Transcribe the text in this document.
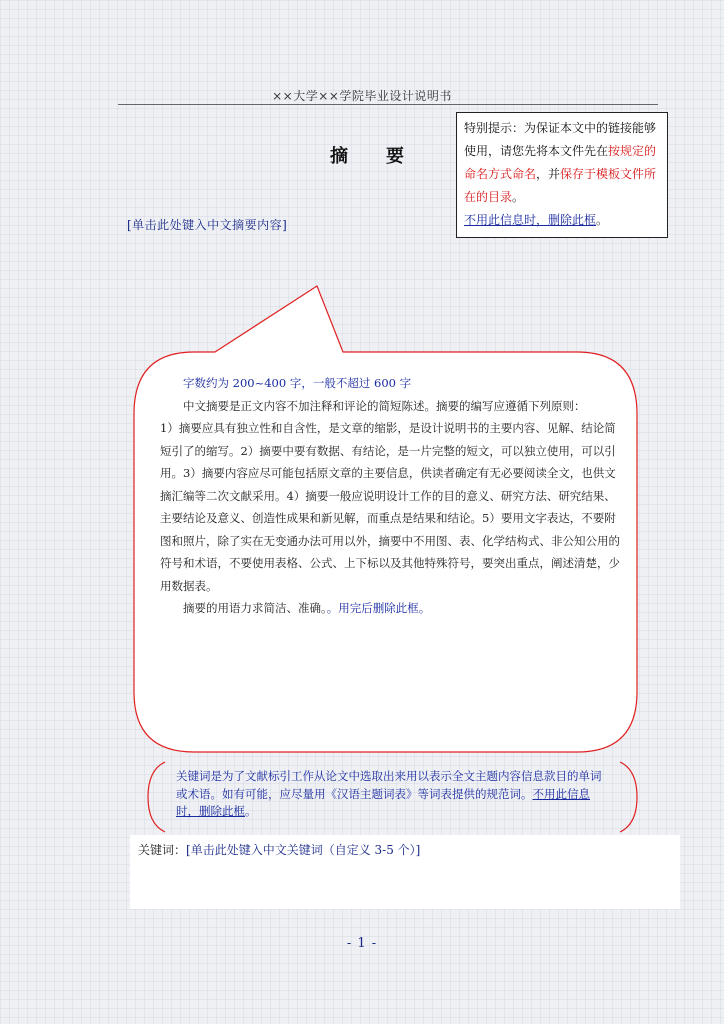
××大学××学院毕业设计说明书
摘 要
[单击此处键入中文摘要内容]
特别提示：为保证本文中的链接能够
使用，请您先将本文件先在按规定的
命名方式命名，并保存于模板文件所
在的目录。
不用此信息时，删除此框。

字数约为 200~400 字，一般不超过 600 字

中文摘要是正文内容不加注释和评论的简短陈述。摘要的编写应遵循下列原则：

1）摘要应具有独立性和自含性，是文章的缩影，是设计说明书的主要内容、见解、结论简短引了的缩写。2）摘要中要有数据、有结论，是一片完整的短文，可以独立使用，可以引用。3）摘要内容应尽可能包括原文章的主要信息，供读者确定有无必要阅读全文，也供文摘汇编等二次文献采用。4）摘要一般应说明设计工作的目的意义、研究方法、研究结果、主要结论及意义、创造性成果和新见解，而重点是结果和结论。5）要用文字表达，不要附图和照片，除了实在无变通办法可用以外，摘要中不用图、表、化学结构式、非公知公用的符号和术语，不要使用表格、公式、上下标以及其他特殊符号，要突出重点，阐述清楚，少用数据表。

摘要的用语力求简洁、准确。。用完后删除此框。

关键词是为了文献标引工作从论文中选取出来用以表示全文主题内容信息款目的单词或术语。如有可能，应尽量用《汉语主题词表》等词表提供的规范词。不用此信息时，删除此框。
关键词：[单击此处键入中文关键词（自定义 3-5 个）]
- 1 -
